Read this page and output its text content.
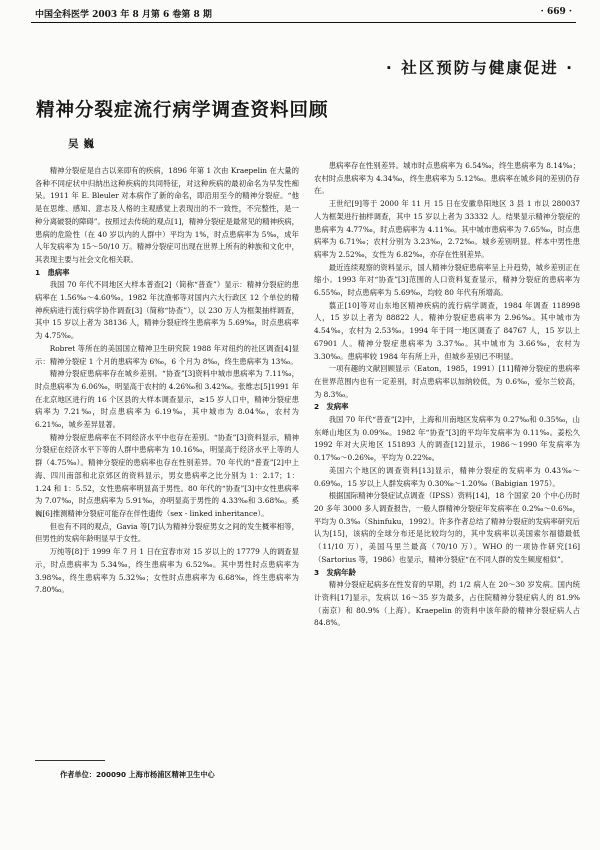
中国全科医学 2003 年 8 月第 6 卷第 8 期	· 669 ·
· 社区预防与健康促进 ·
精神分裂症流行病学调查资料回顾
吴巍

精神分裂症是自古以来即有的疾病，1896 年第 1 次由 Kraepelin 在大量的各种不同症状中归纳出这种疾病的共同特征，对这种疾病的最初命名为早发性痴呆。1911 年 E. Bleuler 对本病作了新的命名，即沿用至今的精神分裂症。“他是在思维、感知、意志及人格的主观感觉上表现出的不一致性，不完整性，是一种分离破裂的障碍”。按照过去传统的观点[1]，精神分裂症是最常见的精神疾病，患病的危险性（在 40 岁以内的人群中）平均为 1%，时点患病率为 5‰，成年人年发病率为 15～50/10 万。精神分裂症可出现在世界上所有的种族和文化中，其表现主要与社会文化相关联。

1　患病率

我国 70 年代不同地区大样本普查[2]（简称“普查”）显示：精神分裂症的患病率在 1.56‰～4.60‰。1982 年沈渔邨等对国内六大行政区 12 个单位的精神疾病进行流行病学协作调查[3]（简称“协查”），以 230 万人为框架抽样调查，其中 15 岁以上者为 38136 人，精神分裂症终生患病率为 5.69‰，时点患病率为 4.75‰。

Robret 等所在的美国国立精神卫生研究院 1988 年对纽约的社区调查[4]显示：精神分裂症 1 个月的患病率为 6‰，6 个月为 8‰，终生患病率为 13‰。

精神分裂症患病率存在城乡差别。“协查”[3]资料中城市患病率为 7.11‰，时点患病率为 6.06‰，明显高于农村的 4.26‰和 3.42‰。张维志[5]1991 年在北京地区进行的 16 个区县的大样本调查显示，≥15 岁人口中，精神分裂症患病率为 7.21‰，时点患病率为 6.19‰，其中城市为 8.04‰，农村为 6.21‰，城乡差异显著。

精神分裂症患病率在不同经济水平中也存在差别。“协查”[3]资料显示，精神分裂症在经济水平下等的人群中患病率为 10.16‰，明显高于经济水平上等的人群（4.75‰）。精神分裂症的患病率也存在性别差异。70 年代的“普查”[2]中上海、四川南部和北京郊区的资料显示，男女患病率之比分别为 1：2.17；1：1.24 和 1：5.52，女性患病率明显高于男性。80 年代的“协查”[3]中女性患病率为 7.07‰，时点患病率为 5.91‰，亦明显高于男性的 4.33‰和 3.68‰。奚巍[6]推测精神分裂症可能存在伴性遗传（sex - linked inheritance）。

但也有不同的观点，Gavia 等[7]认为精神分裂症男女之间的发生概率相等，但男性的发病年龄明显早于女性。

万纯等[8]于 1999 年 7 月 1 日在宜春市对 15 岁以上的 17779 人的调查显示，时点患病率为 5.34‰，终生患病率为 6.52‰。其中男性时点患病率为 3.98‰，终生患病率为 5.32‰；女性时点患病率为 6.68‰，终生患病率为 7.80‰。

患病率存在性别差异。城市时点患病率为 6.54‰，终生患病率为 8.14‰；农村时点患病率为 4.34‰，终生患病率为 5.12‰。患病率在城乡间的差别仍存在。

王世纪[9]等于 2000 年 11 月 15 日在安徽阜阳地区 3 县 1 市以 280037 人为框架进行抽样调查，其中 15 岁以上者为 33332 人。结果显示精神分裂症的患病率为 4.77‰，时点患病率为 4.11‰。其中城市患病率为 7.65‰，时点患病率为 6.71‰；农村分别为 3.23‰，2.72‰。城乡差别明显。样本中男性患病率为 2.52‰，女性为 6.82‰，亦存在性别差异。

最近连续观察的资料显示，国人精神分裂症患病率呈上升趋势，城乡差别正在缩小。1993 年对“协查”[3]范围的人口资料复查显示，精神分裂症的患病率为 6.55‰，时点患病率为 5.69‰，均较 80 年代有所增高。

翦正[10]等对山东地区精神疾病的流行病学调查，1984 年调查 118998 人，15 岁以上者为 88822 人。精神分裂症患病率为 2.96‰。其中城市为 4.54‰，农村为 2.53‰。1994 年于同一地区调查了 84767 人，15 岁以上 67901 人。精神分裂症患病率为 3.37‰。其中城市为 3.66‰，农村为 3.30‰。患病率较 1984 年有所上升，但城乡差别已不明显。

一项有趣的文献回顾显示（Eaton，1985，1991）[11]精神分裂症的患病率在世界范围内也有一定差别，时点患病率以加纳较低，为 0.6‰，爱尔兰较高，为 8.3‰。

2　发病率

我国 70 年代“普查”[2]中，上海和川南地区发病率为 0.27‰和 0.35‰，山东峄山地区为 0.09‰。1982 年“协查”[3]的平均年发病率为 0.11‰。姜松久 1992 年对大庆地区 151893 人的调查[12]显示，1986～1990 年发病率为 0.17‰～0.26‰，平均为 0.22‰。

美国六个地区的调查资料[13]显示，精神分裂症的发病率为 0.43‰～0.69‰，15 岁以上人群发病率为 0.30‰～1.20‰（Babigian 1975）。

根据国际精神分裂症试点调查（IPSS）资料[14]，18 个国家 20 个中心历时 20 多年 3000 多人调查报告，一般人群精神分裂症年发病率在 0.2‰～0.6‰，平均为 0.3‰（Shinfuku，1992）。许多作者总结了精神分裂症的发病率研究后认为[15]，该病的全球分布还是比较均匀的，其中发病率以美国索尔福德最低（11/10 万），美国马里兰最高（70/10 万）。WHO 的一项协作研究[16]（Sartorius 等，1986）也显示，精神分裂症“在不同人群的发生频度相似”。

3　发病年龄

精神分裂症起病多在性发育的早期，约 1/2 病人在 20～30 岁发病。国内统计资料[17]显示，发病以 16～35 岁为最多，占住院精神分裂症病人的 81.9%（南京）和 80.9%（上海）。Kraepelin 的资料中该年龄的精神分裂症病人占 84.8%。

作者单位：200090 上海市杨浦区精神卫生中心
